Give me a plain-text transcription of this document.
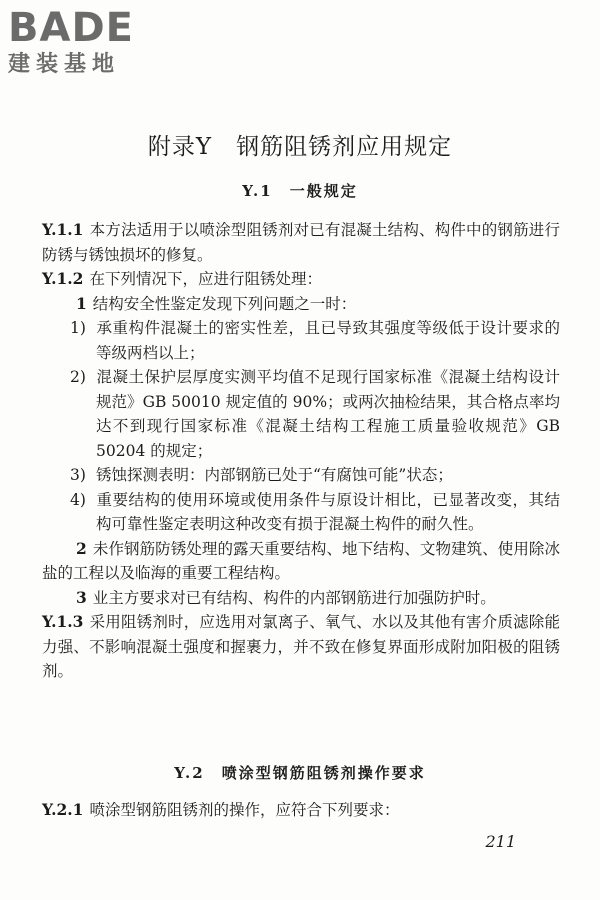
BADE
建装基地
附录Y　钢筋阻锈剂应用规定
Y.1　一般规定

Y.1.1 本方法适用于以喷涂型阻锈剂对已有混凝土结构、构件中的钢筋进行防锈与锈蚀损坏的修复。

Y.1.2 在下列情况下，应进行阻锈处理：

1 结构安全性鉴定发现下列问题之一时：

1) 承重构件混凝土的密实性差，且已导致其强度等级低于设计要求的等级两档以上；

2) 混凝土保护层厚度实测平均值不足现行国家标准《混凝土结构设计规范》GB 50010 规定值的 90%；或两次抽检结果，其合格点率均达不到现行国家标准《混凝土结构工程施工质量验收规范》GB 50204 的规定；

3) 锈蚀探测表明：内部钢筋已处于“有腐蚀可能”状态；

4) 重要结构的使用环境或使用条件与原设计相比，已显著改变，其结构可靠性鉴定表明这种改变有损于混凝土构件的耐久性。

2 未作钢筋防锈处理的露天重要结构、地下结构、文物建筑、使用除冰盐的工程以及临海的重要工程结构。

3 业主方要求对已有结构、构件的内部钢筋进行加强防护时。

Y.1.3 采用阻锈剂时，应选用对氯离子、氧气、水以及其他有害介质滤除能力强、不影响混凝土强度和握裹力，并不致在修复界面形成附加阳极的阻锈剂。

Y.2　喷涂型钢筋阻锈剂操作要求

Y.2.1 喷涂型钢筋阻锈剂的操作，应符合下列要求：

211
